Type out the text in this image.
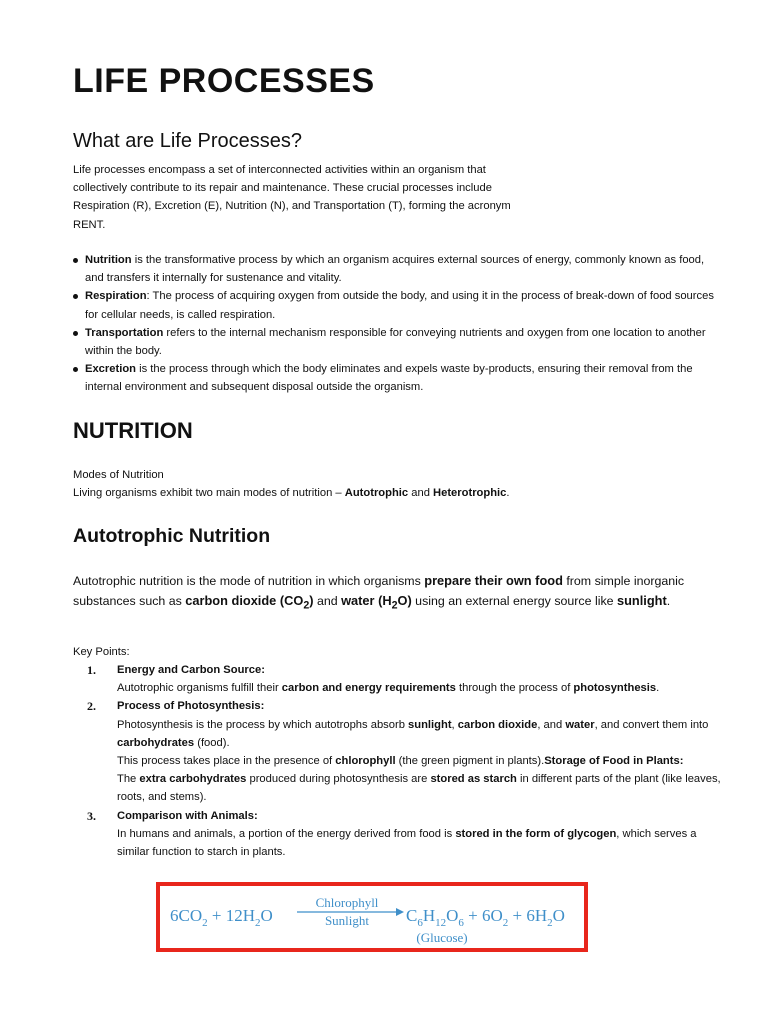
LIFE PROCESSES
What are Life Processes?

Life processes encompass a set of interconnected activities within an organism that collectively contribute to its repair and maintenance. These crucial processes include Respiration (R), Excretion (E), Nutrition (N), and Transportation (T), forming the acronym RENT.

Nutrition is the transformative process by which an organism acquires external sources of energy, commonly known as food, and transfers it internally for sustenance and vitality.
Respiration: The process of acquiring oxygen from outside the body, and using it in the process of break-down of food sources for cellular needs, is called respiration.
Transportation refers to the internal mechanism responsible for conveying nutrients and oxygen from one location to another within the body.
Excretion is the process through which the body eliminates and expels waste by-products, ensuring their removal from the internal environment and subsequent disposal outside the organism.
NUTRITION

Modes of Nutrition
Living organisms exhibit two main modes of nutrition – Autotrophic and Heterotrophic.

Autotrophic Nutrition

Autotrophic nutrition is the mode of nutrition in which organisms prepare their own food from simple inorganic substances such as carbon dioxide $(CO_2)$ and water $(H_2O)$ using an external energy source like sunlight.

Key Points:

1. Energy and Carbon Source:
Autotrophic organisms fulfill their carbon and energy requirements through the process of photosynthesis.
2. Process of Photosynthesis:
Photosynthesis is the process by which autotrophs absorb sunlight, carbon dioxide, and water, and convert them into carbohydrates (food).
This process takes place in the presence of chlorophyll (the green pigment in plants).Storage of Food in Plants:
The extra carbohydrates produced during photosynthesis are stored as starch in different parts of the plant (like leaves, roots, and stems).
3. Comparison with Animals:
In humans and animals, a portion of the energy derived from food is stored in the form of glycogen, which serves a similar function to starch in plants.
$6CO_2 + 12H_2O$
Chlorophyll
Sunlight $C_6H_{12}O_6 + 6O_2 + 6H_2O$
(Glucose)
